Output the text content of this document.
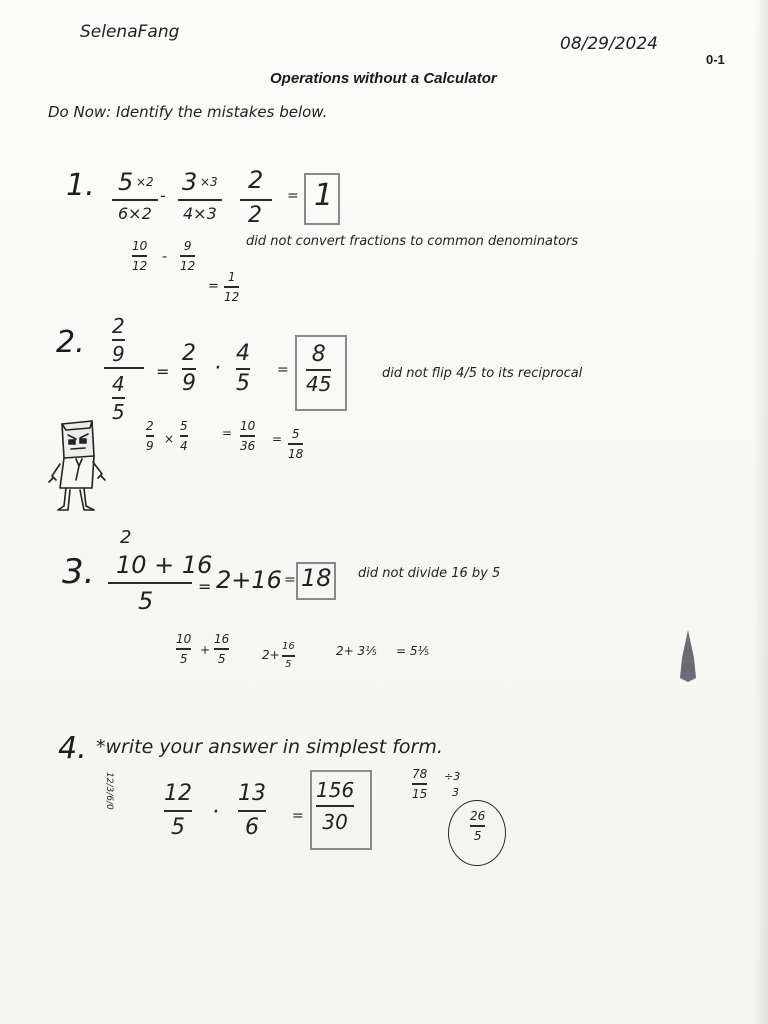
SelenaFang
08/29/2024
0-1
Operations without a Calculator
Do Now: Identify the mistakes below.
1. 5 ×2
6×2
- 3 ×3
4×3
2
2
= 1
10
12
-
9
12
=
1
12
did not convert fractions to common denominators
2. 2
9
4
5
=
2
9
·
4
5
=
8
45	did not flip 4/5 to its reciprocal
2
9 ×
5
4
= 10
36 = 5
18
2
3. 10 + 16
5
= 2+16 = 18 did not divide 16 by 5
10
5
+
16
5	2+
16
5
2+ 3⅕ = 5⅕
4. *write your answer in simplest form.
12/3/6/0 12
5
·
13
6 =
156
30
78
15
÷3
3
26
5
